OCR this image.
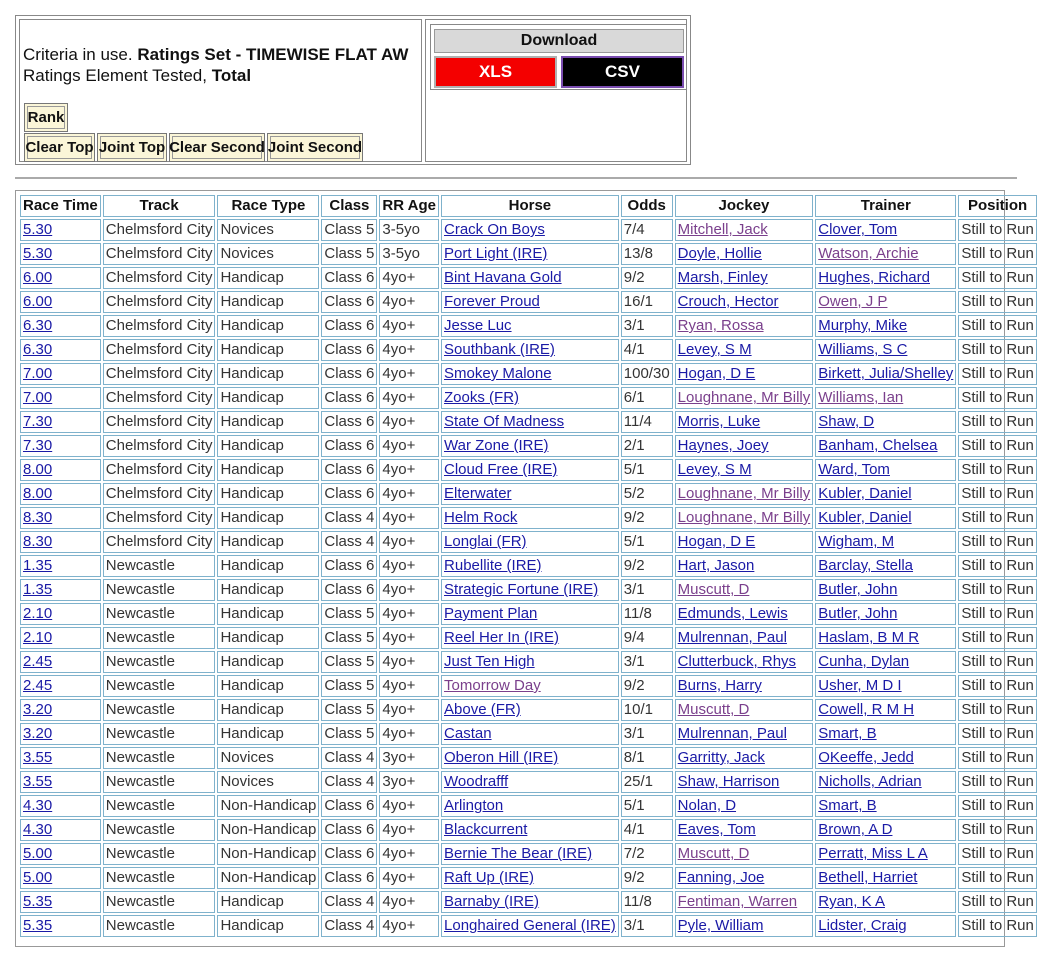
Criteria in use. Ratings Set - TIMEWISE FLAT AW
Ratings Element Tested, Total
Rank
Clear Top Joint Top Clear Second Joint Second
Download
XLS	CSV
Race Time	Track	Race Type	Class	RR Age	Horse	Odds	Jockey	Trainer	Position
5.30	Chelmsford City	Novices	Class 5	3-5yo	Crack On Boys	7/4	Mitchell, Jack	Clover, Tom	Still to Run
5.30	Chelmsford City	Novices	Class 5	3-5yo	Port Light (IRE)	13/8	Doyle, Hollie	Watson, Archie	Still to Run
6.00	Chelmsford City	Handicap	Class 6	4yo+	Bint Havana Gold	9/2	Marsh, Finley	Hughes, Richard	Still to Run
6.00	Chelmsford City	Handicap	Class 6	4yo+	Forever Proud	16/1	Crouch, Hector	Owen, J P	Still to Run
6.30	Chelmsford City	Handicap	Class 6	4yo+	Jesse Luc	3/1	Ryan, Rossa	Murphy, Mike	Still to Run
6.30	Chelmsford City	Handicap	Class 6	4yo+	Southbank (IRE)	4/1	Levey, S M	Williams, S C	Still to Run
7.00	Chelmsford City	Handicap	Class 6	4yo+	Smokey Malone	100/30	Hogan, D E	Birkett, Julia/Shelley	Still to Run
7.00	Chelmsford City	Handicap	Class 6	4yo+	Zooks (FR)	6/1	Loughnane, Mr Billy	Williams, Ian	Still to Run
7.30	Chelmsford City	Handicap	Class 6	4yo+	State Of Madness	11/4	Morris, Luke	Shaw, D	Still to Run
7.30	Chelmsford City	Handicap	Class 6	4yo+	War Zone (IRE)	2/1	Haynes, Joey	Banham, Chelsea	Still to Run
8.00	Chelmsford City	Handicap	Class 6	4yo+	Cloud Free (IRE)	5/1	Levey, S M	Ward, Tom	Still to Run
8.00	Chelmsford City	Handicap	Class 6	4yo+	Elterwater	5/2	Loughnane, Mr Billy	Kubler, Daniel	Still to Run
8.30	Chelmsford City	Handicap	Class 4	4yo+	Helm Rock	9/2	Loughnane, Mr Billy	Kubler, Daniel	Still to Run
8.30	Chelmsford City	Handicap	Class 4	4yo+	Longlai (FR)	5/1	Hogan, D E	Wigham, M	Still to Run
1.35	Newcastle	Handicap	Class 6	4yo+	Rubellite (IRE)	9/2	Hart, Jason	Barclay, Stella	Still to Run
1.35	Newcastle	Handicap	Class 6	4yo+	Strategic Fortune (IRE)	3/1	Muscutt, D	Butler, John	Still to Run
2.10	Newcastle	Handicap	Class 5	4yo+	Payment Plan	11/8	Edmunds, Lewis	Butler, John	Still to Run
2.10	Newcastle	Handicap	Class 5	4yo+	Reel Her In (IRE)	9/4	Mulrennan, Paul	Haslam, B M R	Still to Run
2.45	Newcastle	Handicap	Class 5	4yo+	Just Ten High	3/1	Clutterbuck, Rhys	Cunha, Dylan	Still to Run
2.45	Newcastle	Handicap	Class 5	4yo+	Tomorrow Day	9/2	Burns, Harry	Usher, M D I	Still to Run
3.20	Newcastle	Handicap	Class 5	4yo+	Above (FR)	10/1	Muscutt, D	Cowell, R M H	Still to Run
3.20	Newcastle	Handicap	Class 5	4yo+	Castan	3/1	Mulrennan, Paul	Smart, B	Still to Run
3.55	Newcastle	Novices	Class 4	3yo+	Oberon Hill (IRE)	8/1	Garritty, Jack	OKeeffe, Jedd	Still to Run
3.55	Newcastle	Novices	Class 4	3yo+	Woodrafff	25/1	Shaw, Harrison	Nicholls, Adrian	Still to Run
4.30	Newcastle	Non-Handicap	Class 6	4yo+	Arlington	5/1	Nolan, D	Smart, B	Still to Run
4.30	Newcastle	Non-Handicap	Class 6	4yo+	Blackcurrent	4/1	Eaves, Tom	Brown, A D	Still to Run
5.00	Newcastle	Non-Handicap	Class 6	4yo+	Bernie The Bear (IRE)	7/2	Muscutt, D	Perratt, Miss L A	Still to Run
5.00	Newcastle	Non-Handicap	Class 6	4yo+	Raft Up (IRE)	9/2	Fanning, Joe	Bethell, Harriet	Still to Run
5.35	Newcastle	Handicap	Class 4	4yo+	Barnaby (IRE)	11/8	Fentiman, Warren	Ryan, K A	Still to Run
5.35	Newcastle	Handicap	Class 4	4yo+	Longhaired General (IRE)	3/1	Pyle, William	Lidster, Craig	Still to Run
